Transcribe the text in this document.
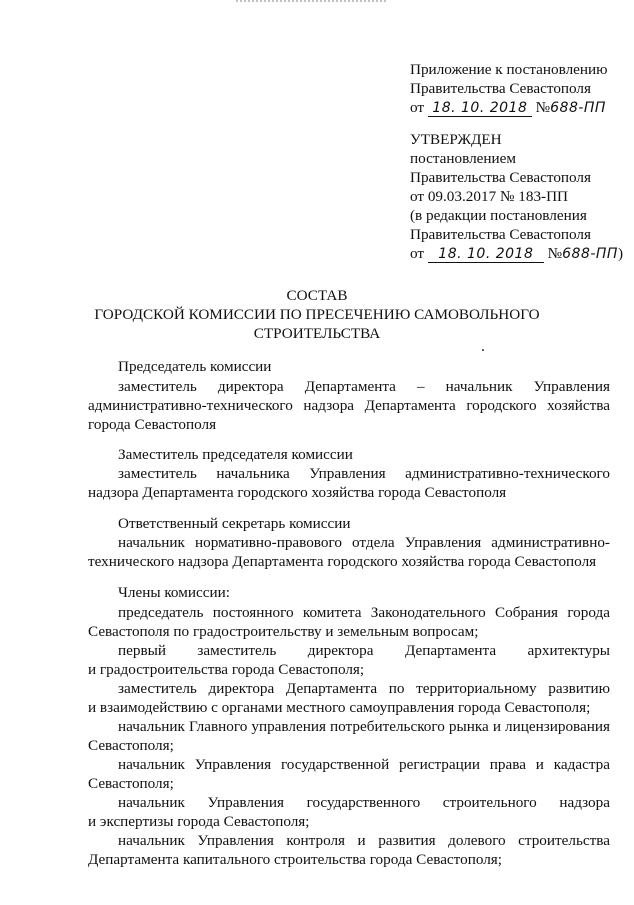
Приложение к постановлению
Правительства Севастополя
от 18. 10. 2018 №688-ПП
УТВЕРЖДЕН
постановлением
Правительства Севастополя
от 09.03.2017 № 183-ПП
(в редакции постановления
Правительства Севастополя
от 18. 10. 2018 №688-ПП)
СОСТАВ
ГОРОДСКОЙ КОМИССИИ ПО ПРЕСЕЧЕНИЮ САМОВОЛЬНОГО
СТРОИТЕЛЬСТВА
Председатель комиссии
заместитель директора Департамента – начальник Управления
административно-технического надзора Департамента городского хозяйства
города Севастополя
Заместитель председателя комиссии
заместитель начальника Управления административно-технического
надзора Департамента городского хозяйства города Севастополя
Ответственный секретарь комиссии
начальник нормативно-правового отдела Управления административно-
технического надзора Департамента городского хозяйства города Севастополя
Члены комиссии:
председатель постоянного комитета Законодательного Собрания города
Севастополя по градостроительству и земельным вопросам;
первый заместитель директора Департамента архитектуры
и градостроительства города Севастополя;
заместитель директора Департамента по территориальному развитию
и взаимодействию с органами местного самоуправления города Севастополя;
начальник Главного управления потребительского рынка и лицензирования
Севастополя;
начальник Управления государственной регистрации права и кадастра
Севастополя;
начальник Управления государственного строительного надзора
и экспертизы города Севастополя;
начальник Управления контроля и развития долевого строительства
Департамента капитального строительства города Севастополя;
